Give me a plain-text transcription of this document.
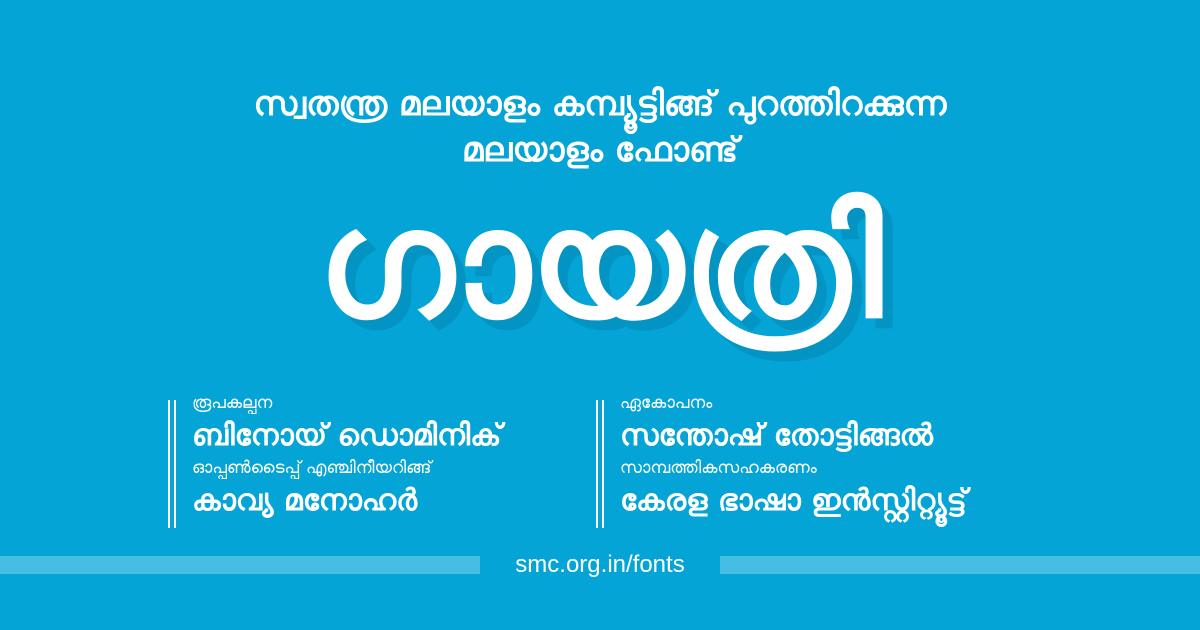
സ്വതന്ത്ര മലയാളം കമ്പ്യൂട്ടിങ്ങ് പുറത്തിറക്കുന്ന
മലയാളം ഫോണ്ട്
ഗായത്രി
രൂപകല്പന
ബിനോയ് ഡൊമിനിക്
ഓപ്പൺടൈപ്പ് എഞ്ചിനീയറിങ്ങ്
കാവ്യ മനോഹർ
ഏകോപനം
സന്തോഷ് തോട്ടിങ്ങൽ
സാമ്പത്തികസഹകരണം
കേരള ഭാഷാ ഇൻസ്റ്റിറ്റ്യൂട്ട്
smc.org.in/fonts
